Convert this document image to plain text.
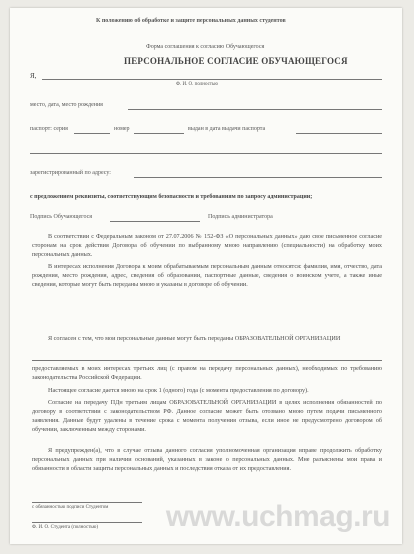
К положению об обработке и защите персональных данных студентов
Форма соглашения к согласию Обучающегося
ПЕРСОНАЛЬНОЕ СОГЛАСИЕ ОБУЧАЮЩЕГОСЯ
Я,
Ф. И. О. полностью
место, дата, место рождения
паспорт: серия	номер	выдан в дата выдачи паспорта
зарегистрированный по адресу:
с предложением реквизиты, соответствующим безопасности и требованиям по запросу администрации;
Подпись Обучающегося	Подпись администратора
В соответствии с Федеральным законом от 27.07.2006 № 152-ФЗ «О персональных данных» даю свое письменное согласие сторонам на срок действия Договора об обучении по выбранному мною направлению (специальности) на обработку моих персональных данных.
В интересах исполнения Договора к моим обрабатываемым персональным данным относятся: фамилия, имя, отчество, дата рождения, место рождения, адрес, сведения об образовании, паспортные данные, сведения о воинском учете, а также иные сведения, которые могут быть переданы мною и указаны в договоре об обучении.
Я согласен с тем, что мои персональные данные могут быть переданы ОБРАЗОВАТЕЛЬНОЙ ОРГАНИЗАЦИИ
предоставляемых в моих интересах третьих лиц (с правом на передачу персональных данных), необходимых по требованию законодательства Российской Федерации.
Настоящее согласие дается мною на срок 1 (одного) года (с момента предоставления по договору).
Согласие на передачу ПДн третьим лицам ОБРАЗОВАТЕЛЬНОЙ ОРГАНИЗАЦИИ в целях исполнения обязанностей по договору в соответствии с законодательством РФ. Данное согласие может быть отозвано мною путем подачи письменного заявления. Данные будут удалены в течение срока с момента получения отзыва, если иное не предусмотрено договором об обучении, заключенным между сторонами.
Я предупрежден(а), что в случае отзыва данного согласия уполномоченная организация вправе продолжить обработку персональных данных при наличии оснований, указанных в законе о персональных данных. Мне разъяснены мои права и обязанности в области защиты персональных данных и последствия отказа от их предоставления.
с обязанностью подписи Студентом
Ф. И. О. Студента (полностью) www.uchmag.ru
